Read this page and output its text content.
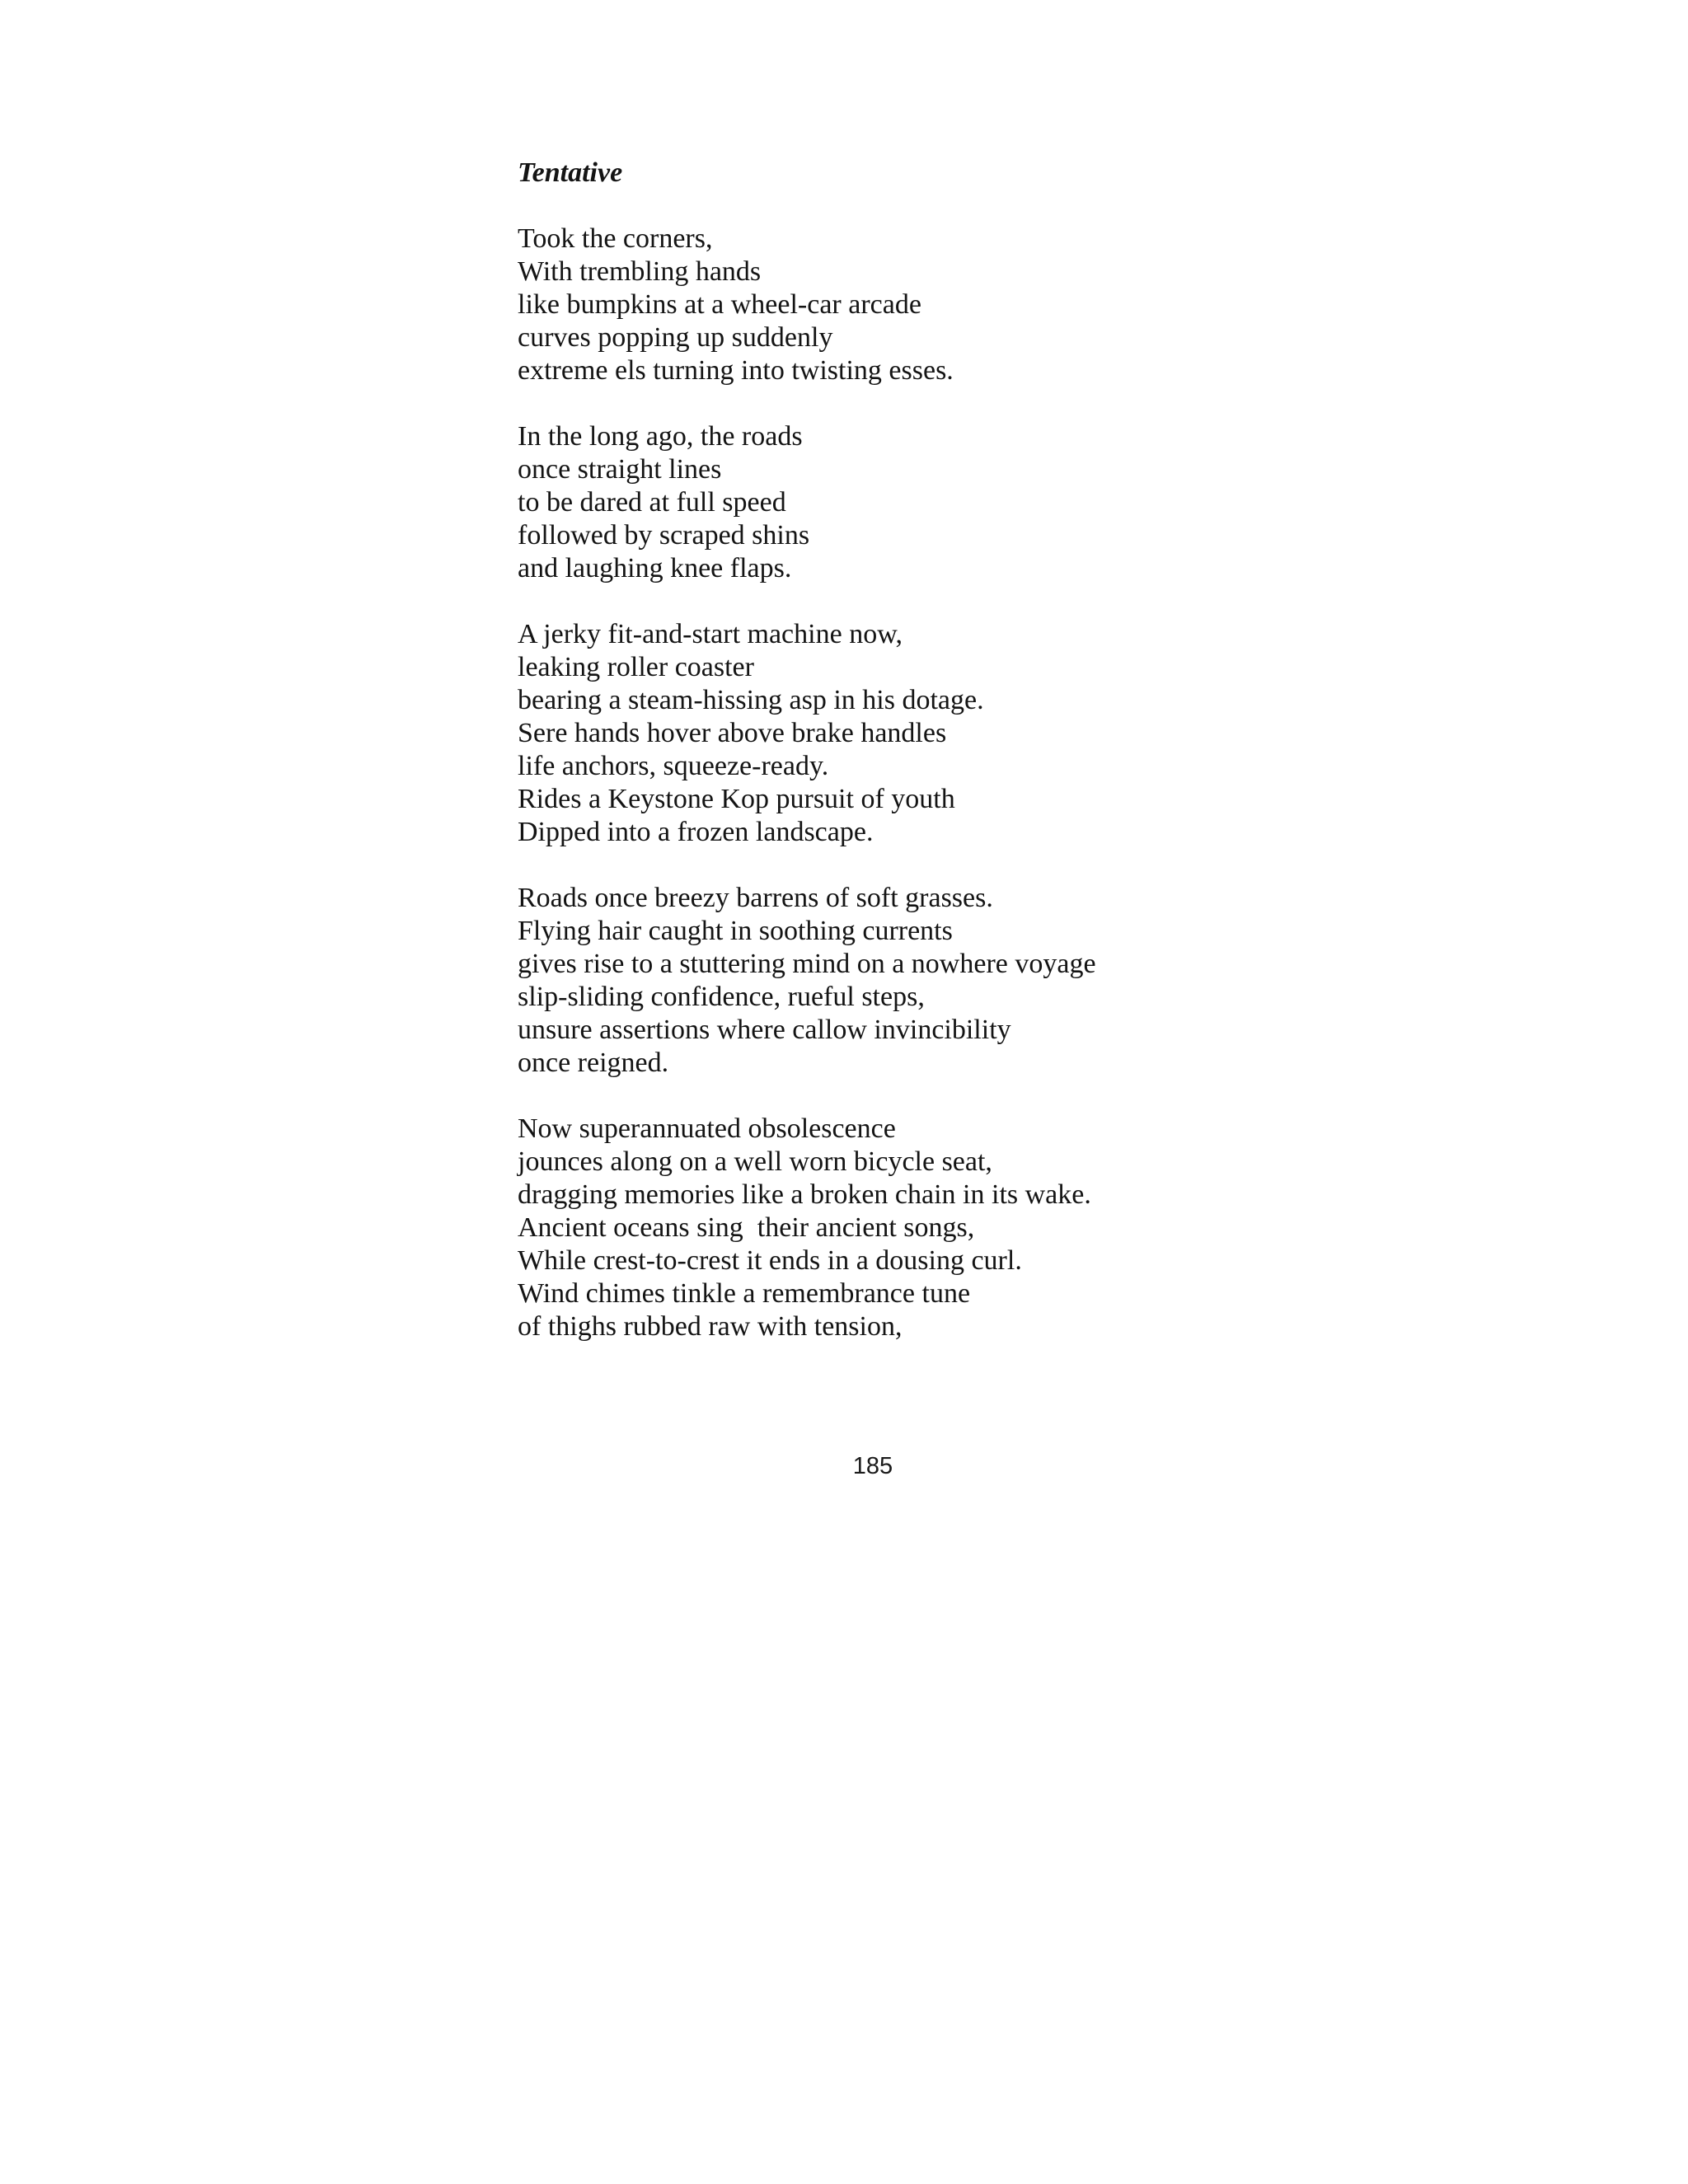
Tentative
Took the corners,
With trembling hands
like bumpkins at a wheel-car arcade
curves popping up suddenly
extreme els turning into twisting esses.
In the long ago, the roads
once straight lines
to be dared at full speed
followed by scraped shins
and laughing knee flaps.
A jerky fit-and-start machine now,
leaking roller coaster
bearing a steam-hissing asp in his dotage.
Sere hands hover above brake handles
life anchors, squeeze-ready.
Rides a Keystone Kop pursuit of youth
Dipped into a frozen landscape.
Roads once breezy barrens of soft grasses.
Flying hair caught in soothing currents
gives rise to a stuttering mind on a nowhere voyage
slip-sliding confidence, rueful steps,
unsure assertions where callow invincibility
once reigned.
Now superannuated obsolescence
jounces along on a well worn bicycle seat,
dragging memories like a broken chain in its wake.
Ancient oceans sing  their ancient songs,
While crest-to-crest it ends in a dousing curl.
Wind chimes tinkle a remembrance tune
of thighs rubbed raw with tension,
185
